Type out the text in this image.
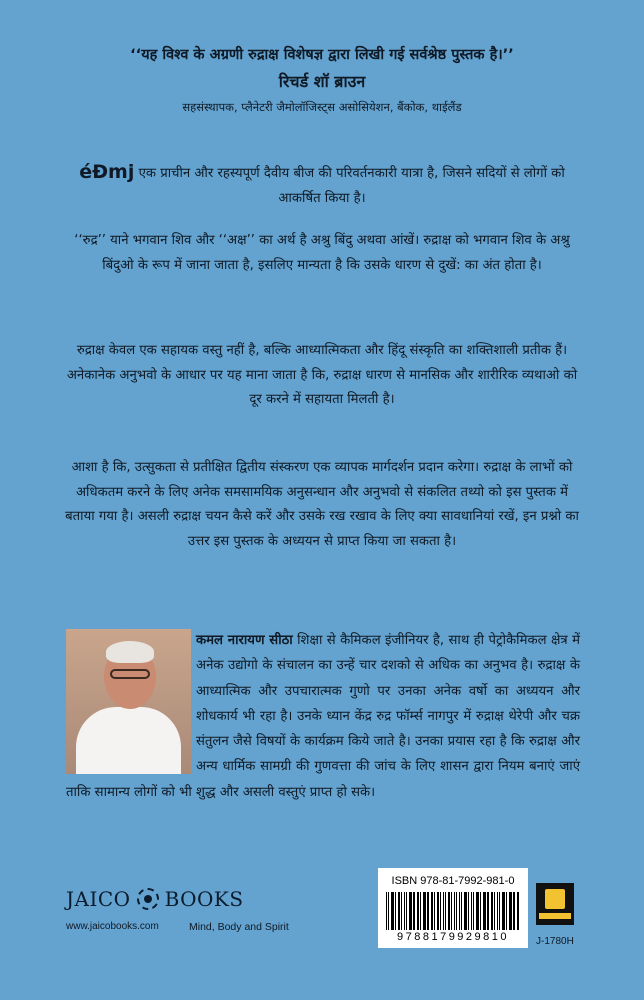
‘‘यह विश्व के अग्रणी रुद्राक्ष विशेषज्ञ द्वारा लिखी गई सर्वश्रेष्ठ पुस्तक है।’’

रिचर्ड शॉ ब्राउन

सहसंस्थापक, प्लैनेटरी जैमोलॉजिस्ट्स असोसियेशन, बैंकोक, थाईलैंड

éÐmj एक प्राचीन और रहस्यपूर्ण दैवीय बीज की परिवर्तनकारी यात्रा है, जिसने सदियों से लोगों को आकर्षित किया है।

‘‘रुद्र’’ याने भगवान शिव और ‘‘अक्ष’’ का अर्थ है अश्रु बिंदु अथवा आंखें। रुद्राक्ष को भगवान शिव के अश्रु बिंदुओ के रूप में जाना जाता है, इसलिए मान्यता है कि उसके धारण से दुखें: का अंत होता है।

रुद्राक्ष केवल एक सहायक वस्तु नहीं है, बल्कि आध्यात्मिकता और हिंदू संस्कृति का शक्तिशाली प्रतीक हैं। अनेकानेक अनुभवो के आधार पर यह माना जाता है कि, रुद्राक्ष धारण से मानसिक और शारीरिक व्यथाओ को दूर करने में सहायता मिलती है।

आशा है कि, उत्सुकता से प्रतीक्षित द्वितीय संस्करण एक व्यापक मार्गदर्शन प्रदान करेगा। रुद्राक्ष के लाभों को अधिकतम करने के लिए अनेक समसामयिक अनुसन्धान और अनुभवो से संकलित तथ्यो को इस पुस्तक में बताया गया है। असली रुद्राक्ष चयन कैसे करें और उसके रख रखाव के लिए क्या सावधानियां रखें, इन प्रश्नो का उत्तर इस पुस्तक के अध्ययन से प्राप्त किया जा सकता है।

कमल नारायण सीठा शिक्षा से कैमिकल इंजीनियर है, साथ ही पेट्रोकैमिकल क्षेत्र में अनेक उद्योगो के संचालन का उन्हें चार दशको से अधिक का अनुभव है। रुद्राक्ष के आध्यात्मिक और उपचारात्मक गुणो पर उनका अनेक वर्षो का अध्ययन और शोधकार्य भी रहा है। उनके ध्यान केंद्र रुद्र फॉर्म्स नागपुर में रुद्राक्ष थेरेपी और चक्र संतुलन जैसे विषयों के कार्यक्रम किये जाते है। उनका प्रयास रहा है कि रुद्राक्ष और अन्य धार्मिक सामग्री की गुणवत्ता की जांच के लिए शासन द्वारा नियम बनाएं जाएं ताकि सामान्य लोगों को भी शुद्ध और असली वस्तुएं प्राप्त हो सके।

JAICO BOOKS
www.jaicobooks.com	Mind, Body and Spirit
ISBN 978-81-7992-981-0
9788179929810	J-1780H
